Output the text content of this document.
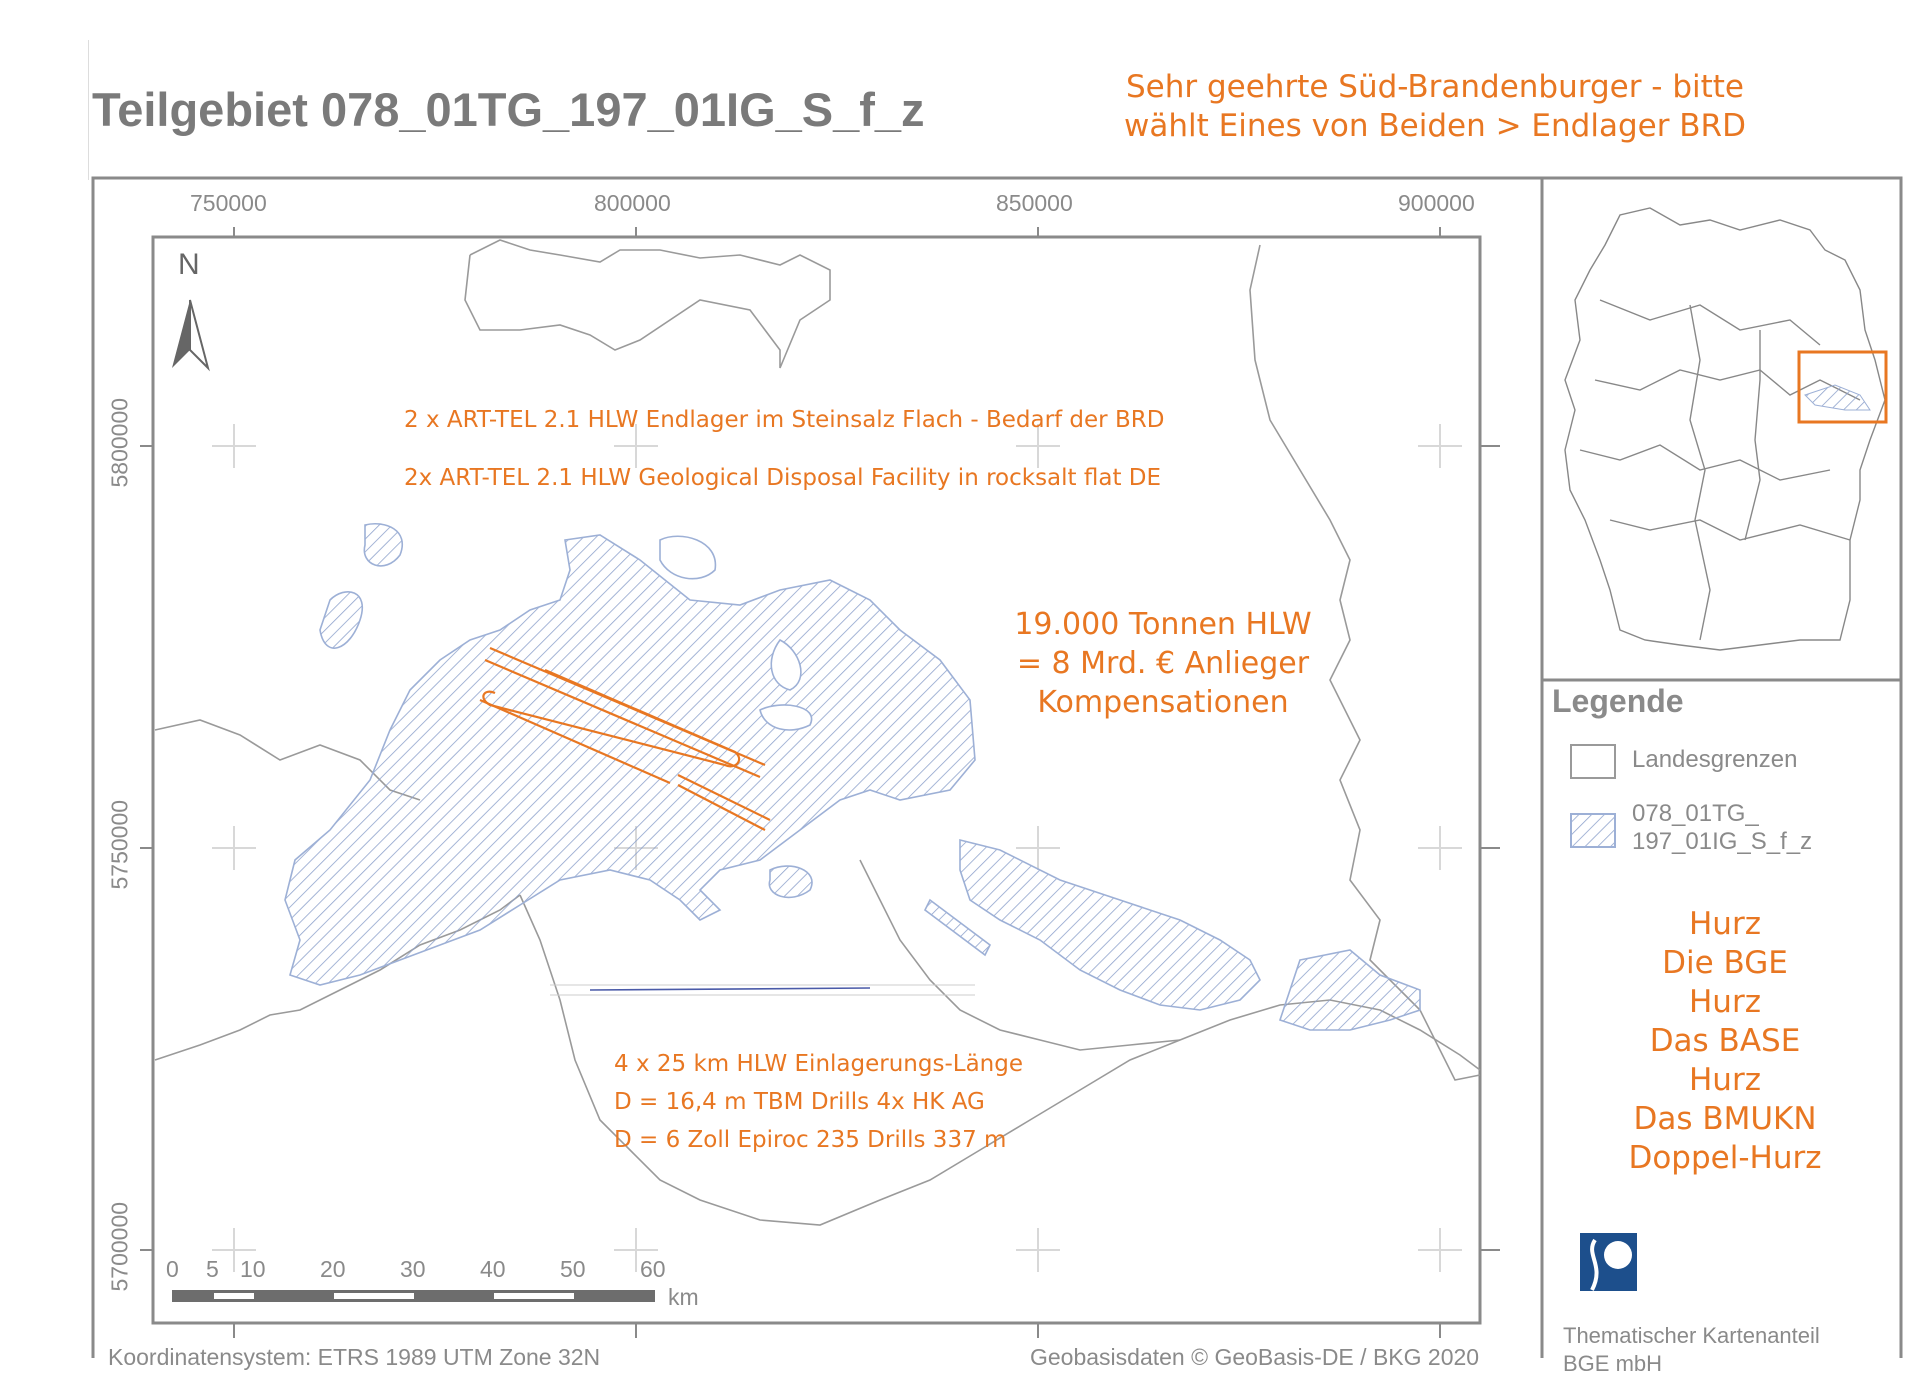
Teilgebiet 078_01TG_197_01IG_S_f_z	Sehr geehrte Süd-Brandenburger - bitte
wählt Eines von Beiden > Endlager BRD
750000	800000	850000	900000
5800000
5750000
5700000
N
2 x ART-TEL 2.1 HLW Endlager im Steinsalz Flach - Bedarf der BRD
2x ART-TEL 2.1 HLW Geological Disposal Facility in rocksalt flat DE
19.000 Tonnen HLW
= 8 Mrd. € Anlieger
Kompensationen
4 x 25 km HLW Einlagerungs-Länge
D = 16,4 m TBM Drills 4x HK AG
D = 6 Zoll Epiroc 235 Drills 337 m
0 5 10 20 30 40 50 60
km
Legende
Landesgrenzen
078_01TG_
197_01IG_S_f_z
Hurz
Die BGE
Hurz
Das BASE
Hurz
Das BMUKN
Doppel-Hurz
Thematischer Kartenanteil
BGE mbH
Koordinatensystem: ETRS 1989 UTM Zone 32N	Geobasisdaten © GeoBasis-DE / BKG 2020
